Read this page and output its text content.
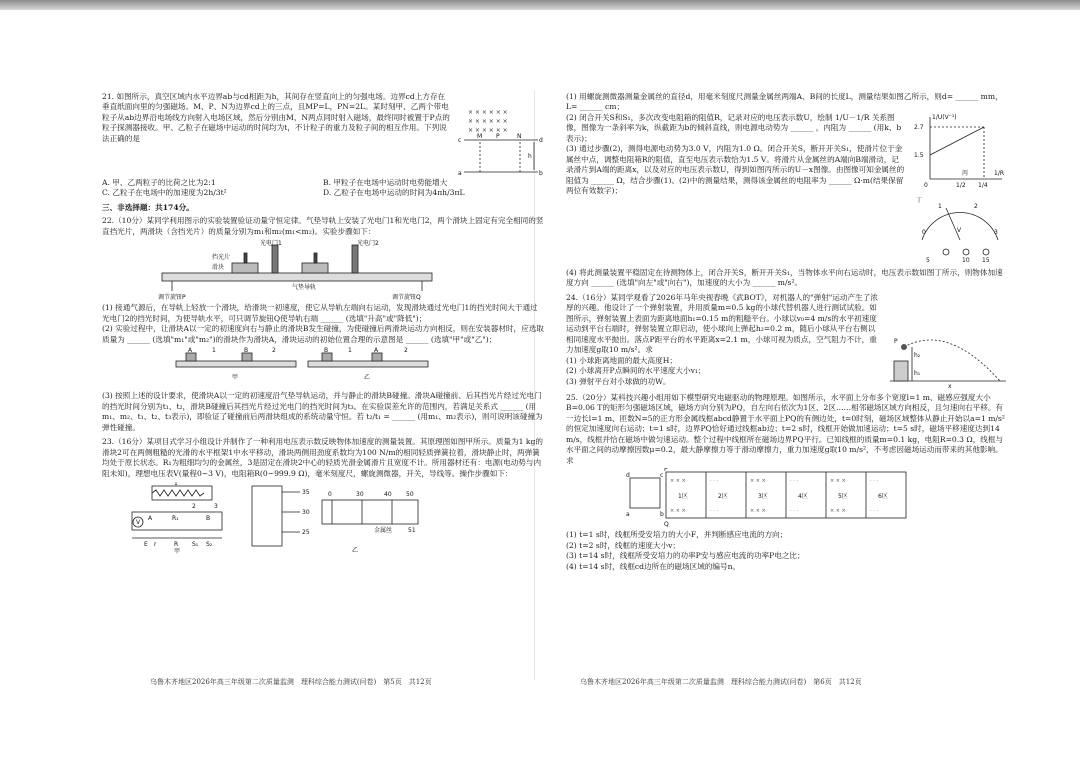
21. 如图所示，真空区域内水平边界ab与cd相距为h，其间存在竖直向上的匀强电场。边界cd上方存在垂直纸面向里的匀强磁场。M、P、N为边界cd上的三点，且MP=L，PN=2L。某时刻甲、乙两个带电粒子从ab边界沿电场线方向射入电场区域，然后分别由M、N两点同时射入磁场，最终同时被置于P点的粒子探测器接收。甲、乙粒子在磁场中运动的时间均为t，不计粒子的重力及粒子间的相互作用。下列说法正确的是
× × × × × ×
× × × × × ×
× × × × × ×
c	d
a	b
M P	N
h
A. 甲、乙两粒子的比荷之比为2:1	B. 甲粒子在电场中运动时电势能增大
C. 乙粒子在电场中的加速度为2h/3t²	D. 乙粒子在电场中运动的时间为4πh/3πL
三、非选择题：共174分。
22.（10分）某同学利用图示的实验装置验证动量守恒定律。气垫导轨上安装了光电门1和光电门2，两个滑块上固定有完全相同的竖直挡光片，两滑块（含挡光片）的质量分别为m₁和m₂(m₁<m₂)。实验步骤如下：
光电门1	光电门2
挡光片
滑块
气垫导轨
调节旋钮P	调节旋钮Q
(1) 接通气源后，在导轨上轻放一个滑块，给滑块一初速度，使它从导轨左端向右运动，发现滑块通过光电门1的挡光时间大于通过光电门2的挡光时间，为使导轨水平，可只调节旋钮Q使导轨右端 ______ (选填"升高"或"降低")；
(2) 实验过程中，让滑块A以一定的初速度向右与静止的滑块B发生碰撞，为使碰撞后两滑块运动方向相反，则在安装器材时，应选取质量为 ______ (选填"m₁"或"m₂")的滑块作为滑块A，滑块运动的初始位置合理的示意图是 ______ (选填"甲"或"乙")；
A	1	B	2
甲
B	1	A	2
乙
(3) 按照上述的设计要求，使滑块A以一定的初速度沿气垫导轨运动，并与静止的滑块B碰撞。滑块A碰撞前、后其挡光片经过光电门的挡光时间分别为t₁、t₂，滑块B碰撞后其挡光片经过光电门的挡光时间为t₃。在实验误差允许的范围内，若满足关系式 ______ (用m₁、m₂、t₁、t₂、t₃表示)，即验证了碰撞前后两滑块组成的系统动量守恒。若 t₂/t₁ = ______ (用m₁、m₂表示)，则可说明该碰撞为弹性碰撞。
23.（16分）某项目式学习小组设计并制作了一种利用电压表示数反映物体加速度的测量装置。其原理图如图甲所示。质量为1 kg的滑块2可在两侧粗糙的光滑的水平框架1中水平移动，滑块两侧用劲度系数均为100 N/m的相同轻质弹簧拉着，滑块静止时，两弹簧均处于原长状态。R₁为粗细均匀的金属丝，3是固定在滑块2中心的轻质光滑金属滑片且宽度不计。所用器材还有：电源(电动势与内阻未知)，理想电压表V(量程0~3 V)，电阻箱R(0~999.9 Ω)，毫米刻度尺，螺旋测微器，开关，导线等。操作步骤如下：
1
2	3
V
A	R₁	B
E r	R S₁ S₂
甲
35
30
25
0	30	40 50
51
乙
金属丝
乌鲁木齐地区2026年高三年级第二次质量监测　理科综合能力测试(问卷)　第5页　共12页
(1) 用螺旋测微器测量金属丝的直径d，用毫米刻度尺测量金属丝两端A、B间的长度L，测量结果如图乙所示，则d= ______ mm，L= ______ cm；
(2) 闭合开关S和S₁，多次改变电阻箱的阻值R，记录对应的电压表示数U，绘制 1/U－1/R 关系图像，图像为一条斜率为k，纵截距为b的倾斜直线，则电源电动势为 ______ ，内阻为 ______ (用k、b表示)；
(3) 通过步骤(2)，测得电源电动势为3.0 V，内阻为1.0 Ω。闭合开关S，断开开关S₁，使滑片位于金属丝中点，调整电阻箱R的阻值，直至电压表示数恰为1.5 V。将滑片从金属丝的A端向B端滑动，记录滑片到A端的距离x，以及对应的电压表示数U，得到如图丙所示的U－x图像。由图像可知金属丝的阻值为 ______ Ω，结合步骤(1)、(2)中的测量结果，测得该金属丝的电阻率为 ______ Ω·m(结果保留两位有效数字)；
1/U(V⁻¹)
2.7
1.5
0	1/2 1/4
1/R
丙

V
0
1	2
3
5	10 15
丁
(4) 将此测量装置平稳固定在待测物体上，闭合开关S，断开开关S₁，当物体水平向右运动时，电压表示数如图丁所示，则物体加速度方向 ______ (选填"向左"或"向右")，加速度的大小为 ______ m/s²。
24.（16分）某同学观看了2026年马年央视春晚《武BOT》，对机器人的"弹射"运动产生了浓厚的兴趣。他设计了一个弹射装置，并用质量m=0.5 kg的小球代替机器人进行测试试验。如图所示，弹射装置上表面为距离地面h₁=0.15 m的粗糙平台。小球以v₀=4 m/s的水平初速度运动到平台右端时，弹射装置立即启动，使小球向上弹起h₂=0.2 m，随后小球从平台右侧以相同速度水平抛出。落点P距平台的水平距离x=2.1 m，小球可视为质点，空气阻力不计，重力加速度g取10 m/s²。求
(1) 小球距离地面的最大高度H；
(2) 小球离开P点瞬间的水平速度大小v₁；
(3) 弹射平台对小球做的功W。
P
h₂
h₁
x
25.（20分）某科技兴趣小组用如下模型研究电磁驱动的物理原理。如图所示，水平面上分布多个宽度l=1 m、磁感应强度大小B=0.06 T的矩形匀强磁场区域，磁场方向分别为PQ，自左向右依次为1区、2区……相邻磁场区域方向相反，且匀速向右平移。有一边长l=1 m、匝数N=5的正方形金属线框abcd静置于水平面上PQ的有侧边处，t=0时刻，磁场区域整体从静止开始以a=1 m/s²的恒定加速度向右运动；t=1 s时，边界PQ恰好通过线框ab边；t=2 s时，线框开始做加速运动；t=5 s时，磁场平移速度达到14 m/s，线框并恰在磁场中做匀速运动。整个过程中线框所在磁场边界PQ平行。已知线框的质量m=0.1 kg，电阻R=0.3 Ω，线框与水平面之间的动摩擦因数μ=0.2，最大静摩擦力等于滑动摩擦力，重力加速度g取10 m/s²，不考虑因磁场运动而带来的其他影响。求
d	c
a	b
P
Q
1区	2区	3区	4区	5区	6区
× × ×	· · ·	× × ×	· · ·	× × ×	· · ·
× × ×	· · ·	× × ×	· · ·	× × ×	· · ·
(1) t=1 s时，线框所受安培力的大小F，并判断感应电流的方向；
(2) t=2 s时，线框的速度大小v；
(3) t=14 s时，线框所受安培力的功率P安与感应电流的功率P电之比；
(4) t=14 s时，线框cd边所在的磁场区域的编号n。
乌鲁木齐地区2026年高三年级第二次质量监测　理科综合能力测试(问卷)　第6页　共12页
